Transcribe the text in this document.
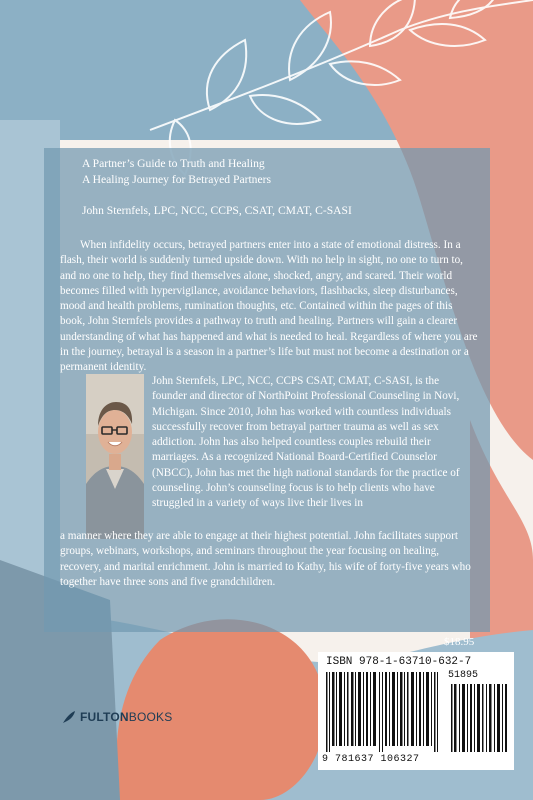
A Partner’s Guide to Truth and Healing
A Healing Journey for Betrayed Partners
John Sternfels, LPC, NCC, CCPS, CSAT, CMAT, C-SASI
When infidelity occurs, betrayed partners enter into a state of emotional distress. In a flash, their world is suddenly turned upside down. With no help in sight, no one to turn to, and no one to help, they find themselves alone, shocked, angry, and scared. Their world becomes filled with hypervigilance, avoidance behaviors, flashbacks, sleep disturbances, mood and health problems, rumination thoughts, etc. Contained within the pages of this book, John Sternfels provides a pathway to truth and healing. Partners will gain a clearer understanding of what has happened and what is needed to heal. Regardless of where you are in the journey, betrayal is a season in a partner’s life but must not become a destination or a permanent identity.
John Sternfels, LPC, NCC, CCPS CSAT, CMAT, C-SASI, is the founder and director of NorthPoint Professional Counseling in Novi, Michigan. Since 2010, John has worked with countless individuals successfully recover from betrayal partner trauma as well as sex addiction. John has also helped countless couples rebuild their marriages. As a recognized National Board-Certified Counselor (NBCC), John has met the high national standards for the practice of counseling. John’s counseling focus is to help clients who have struggled in a variety of ways live their lives in
a manner where they are able to engage at their highest potential. John facilitates support groups, webinars, workshops, and seminars throughout the year focusing on healing, recovery, and marital enrichment. John is married to Kathy, his wife of forty-five years who together have three sons and five grandchildren.
$18.95
ISBN 978-1-63710-632-7
51895
9 781637 106327
FULTONBOOKS
